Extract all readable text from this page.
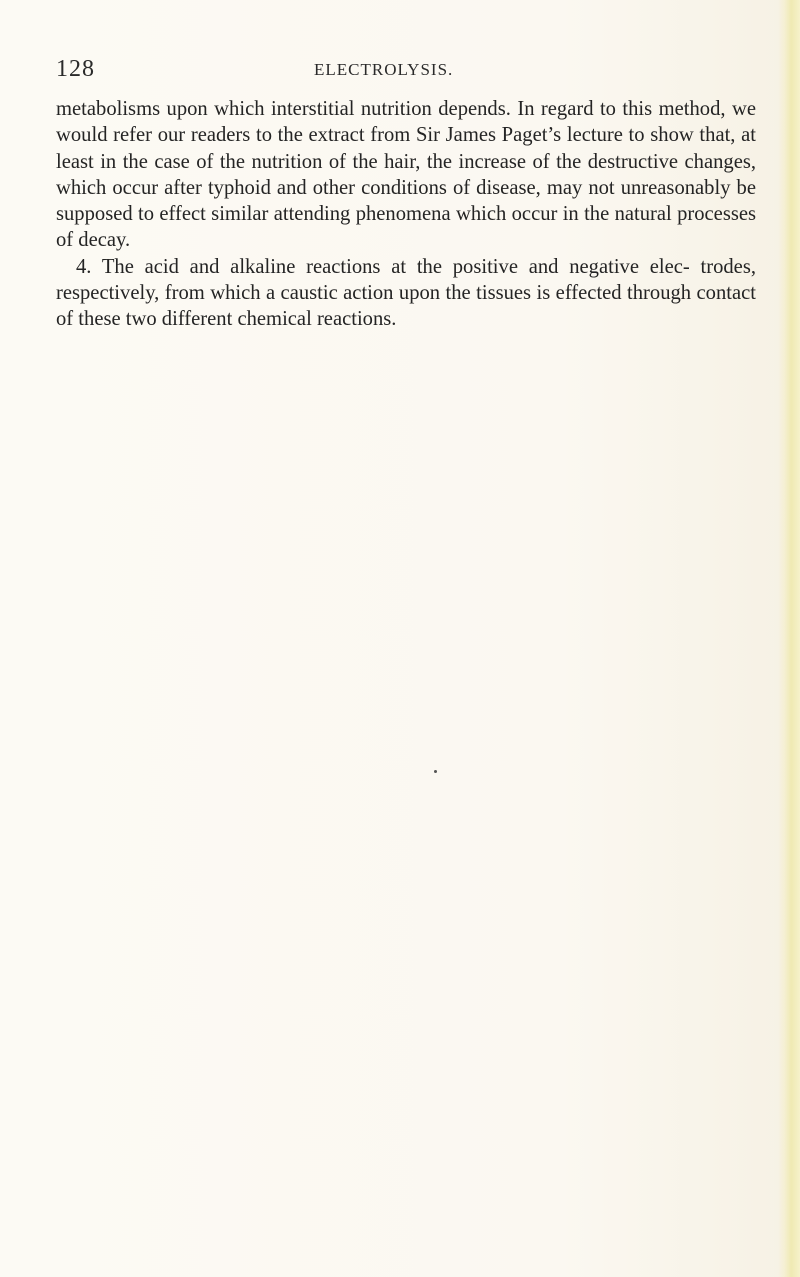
128	ELECTROLYSIS.

metabolisms upon which interstitial nutrition depends. In regard to this method, we would refer our readers to the extract from Sir James Paget’s lecture to show that, at least in the case of the nutrition of the hair, the increase of the destructive changes, which occur after typhoid and other conditions of disease, may not unreasonably be supposed to effect similar attending phenomena which occur in the natural processes of decay.

4. The acid and alkaline reactions at the positive and negative elec- trodes, respectively, from which a caustic action upon the tissues is effected through contact of these two different chemical reactions.
